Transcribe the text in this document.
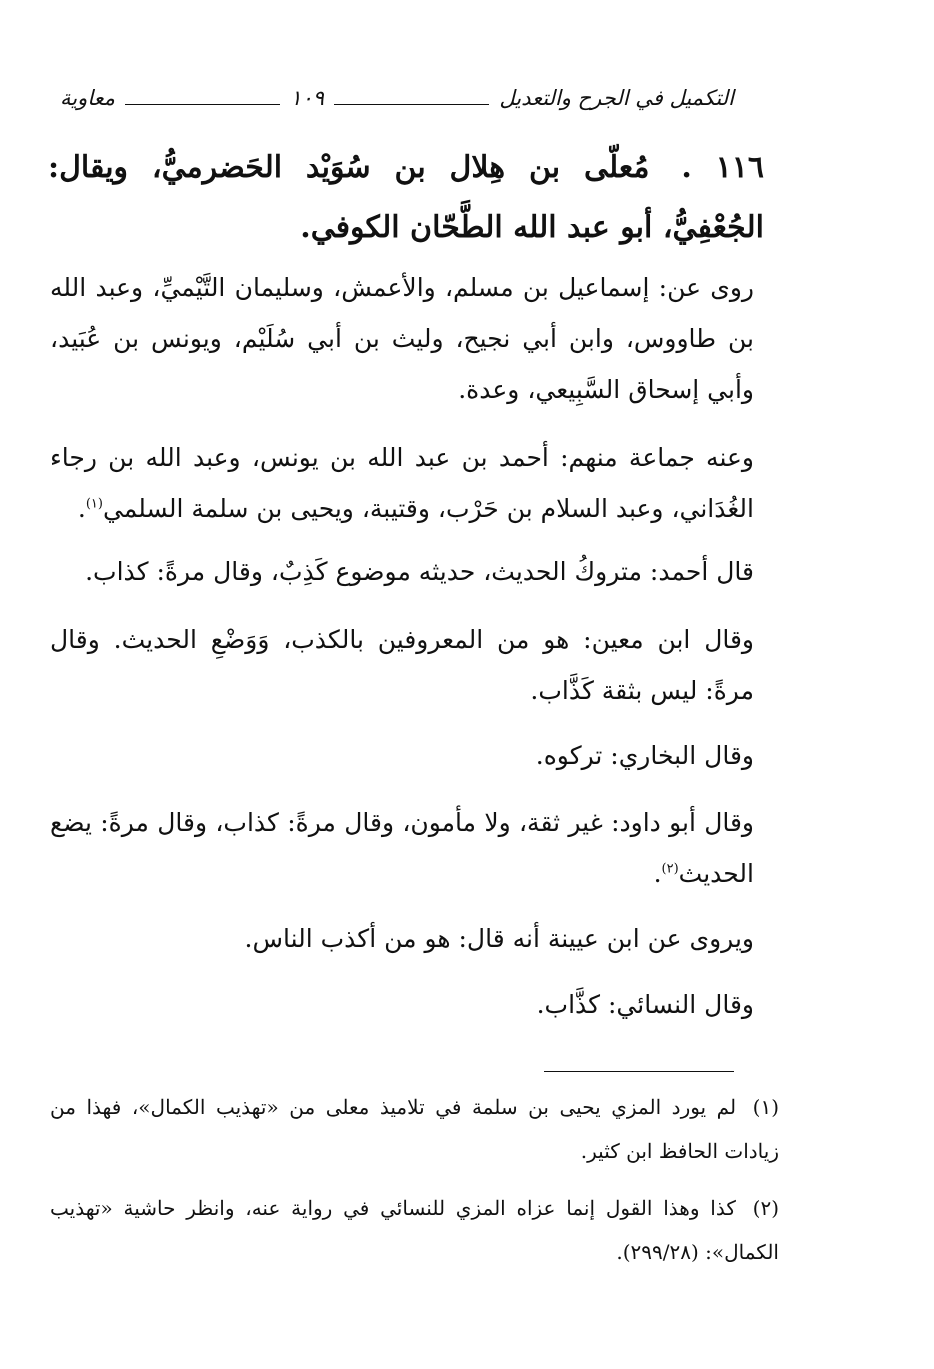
التكميل في الجرح والتعديل
١٠٩
معاوية
١١٦ . مُعلّى بن هِلال بن سُوَيْد الحَضرميُّ، ويقال: الجُعْفِيُّ، أبو عبد الله الطَّحّان الكوفي.
روى عن: إسماعيل بن مسلم، والأعمش، وسليمان التَّيْميِّ، وعبد الله بن طاووس، وابن أبي نجيح، وليث بن أبي سُلَيْم، ويونس بن عُبَيد، وأبي إسحاق السَّبِيعي، وعدة.
وعنه جماعة منهم: أحمد بن عبد الله بن يونس، وعبد الله بن رجاء الغُدَاني، وعبد السلام بن حَرْب، وقتيبة، ويحيى بن سلمة السلمي$^{(١)}$.
قال أحمد: متروكُ الحديث، حديثه موضوع كَذِبٌ، وقال مرةً: كذاب.
وقال ابن معين: هو من المعروفين بالكذب، وَوَضْعِ الحديث. وقال مرةً: ليس بثقة كَذَّاب.
وقال البخاري: تركوه.
وقال أبو داود: غير ثقة، ولا مأمون، وقال مرةً: كذاب، وقال مرةً: يضع الحديث$^{(٢)}$.
ويروى عن ابن عيينة أنه قال: هو من أكذب الناس.
وقال النسائي: كذَّاب.
(١) لم يورد المزي يحيى بن سلمة في تلاميذ معلى من «تهذيب الكمال»، فهذا من زيادات الحافظ ابن كثير.
(٢) كذا وهذا القول إنما عزاه المزي للنسائي في رواية عنه، وانظر حاشية «تهذيب الكمال»: (٢٩٩/٢٨).
